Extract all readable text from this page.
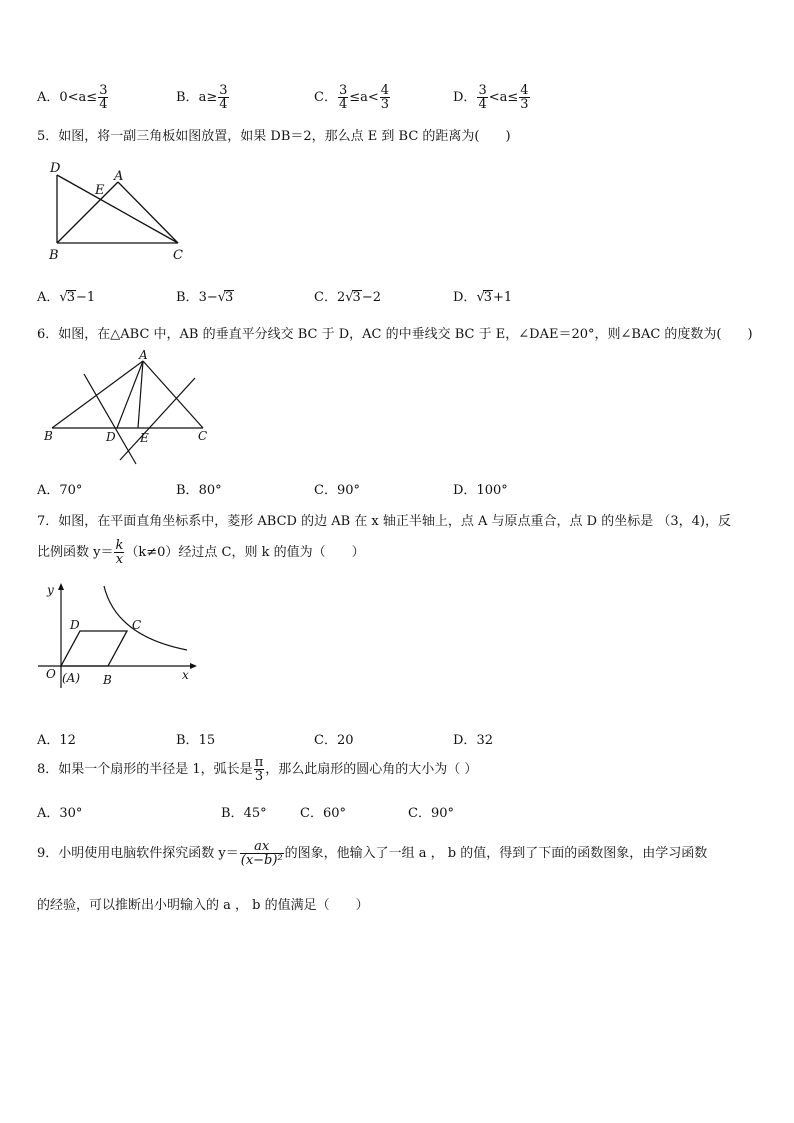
A．$0<a\le \frac{3}{4}$	B．$a\ge \frac{3}{4}$	C． $\frac{3}{4} \le a< \frac{4}{3}$	D． $\frac{3}{4} <a\le \frac{4}{3}$
5．如图，将一副三角板如图放置，如果 DB＝2，那么点 E 到 BC 的距离为(　　)
D
A
E
B	C
A．√3−1	B．3−√3	C．2√3−2	D．√3+1
6．如图，在△ABC 中，AB 的垂直平分线交 BC 于 D，AC 的中垂线交 BC 于 E，∠DAE＝20°，则∠BAC 的度数为(　　)
A
B	D E	C
A．70°	B．80°	C．90°	D．100°
7．如图，在平面直角坐标系中，菱形 ABCD 的边 AB 在 x 轴正半轴上，点 A 与原点重合，点 D 的坐标是 （3，4)，反
比例函数 $y= \frac{k}{x} (k\ne 0)$经过点 C，则 k 的值为（　　）
y
x
O (A) B
C
D
A．12	B．15	C．20	D．32
8．如果一个扇形的半径是 1，弧长是 $\frac{\pi}{3}$ ，那么此扇形的圆心角的大小为（ ）
A．30°	B．45°	C．60°	C．90°
9．小明使用电脑软件探究函数 $y= \frac{ax}{\text{(x−b)²}}$ 的图象，他输入了一组 a ， b 的值，得到了下面的函数图象，由学习函数
的经验，可以推断出小明输入的 a ， b 的值满足（　　）
